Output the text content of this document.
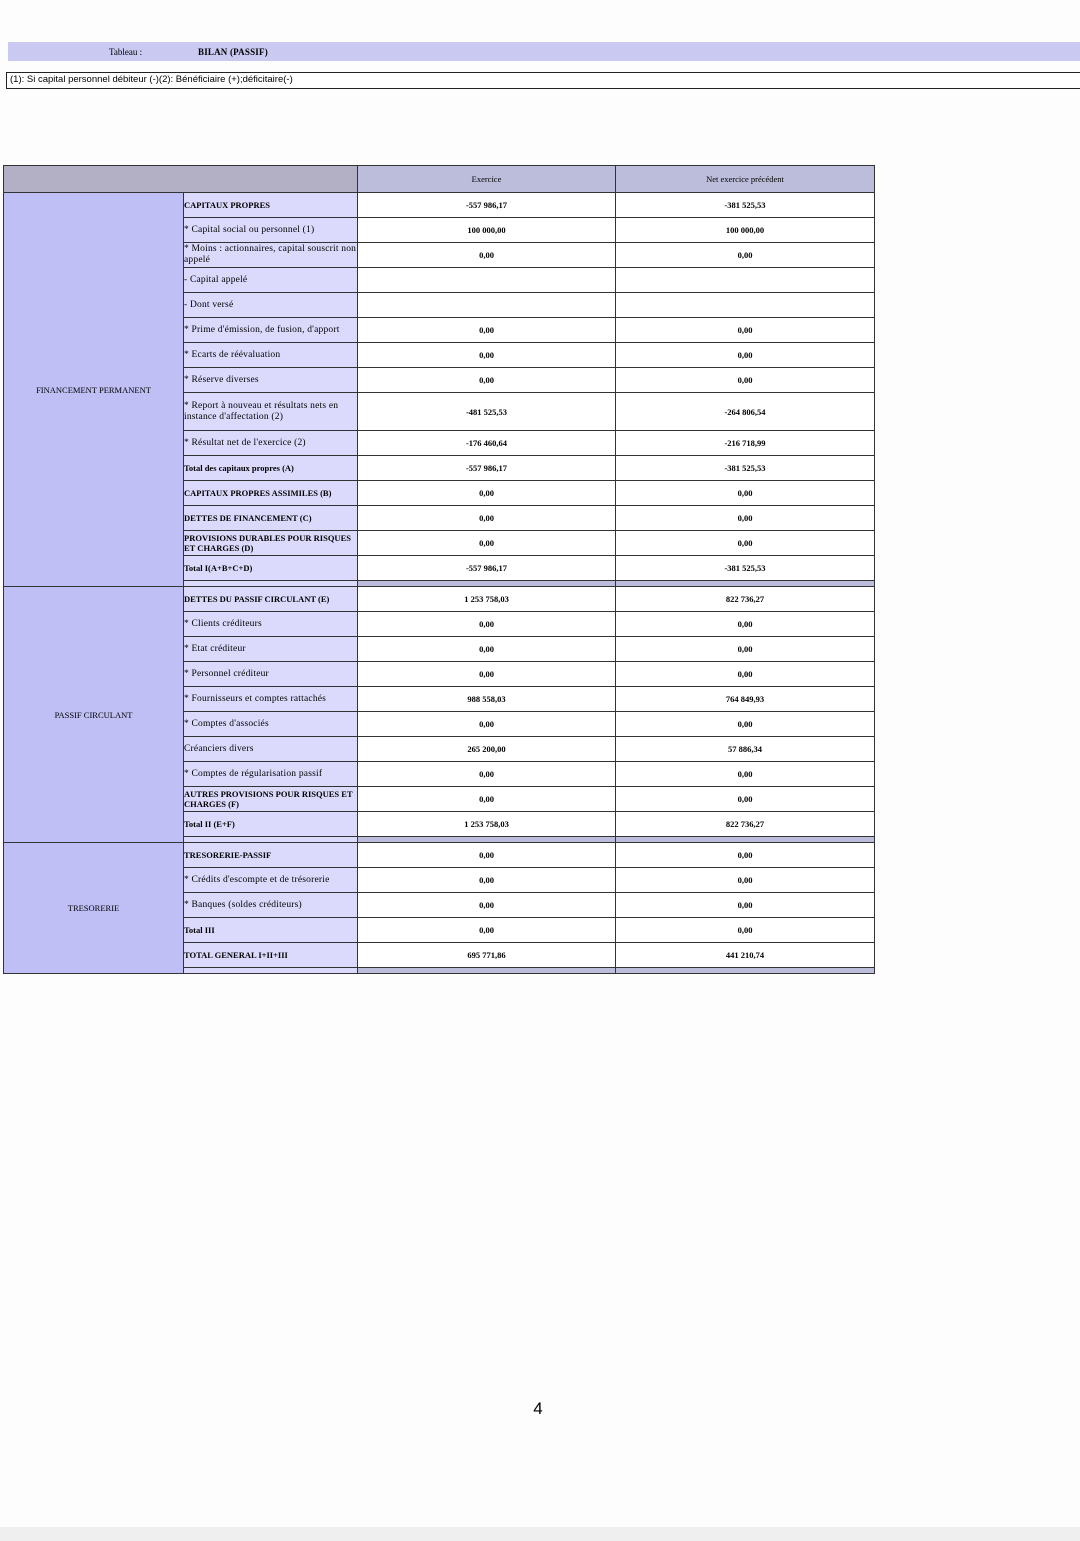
Tableau :	BILAN (PASSIF)
(1): Si capital personnel débiteur (-)(2): Bénéficiaire (+);déficitaire(-)
		Exercice	Net exercice précédent
FINANCEMENT PERMANENT	CAPITAUX PROPRES	-557 986,17	-381 525,53
	* Capital social ou personnel (1)	100 000,00	100 000,00
	* Moins : actionnaires, capital souscrit non appelé	0,00	0,00
	- Capital appelé		
	- Dont versé		
	* Prime d'émission, de fusion, d'apport	0,00	0,00
	* Ecarts de réévaluation	0,00	0,00
	* Réserve diverses	0,00	0,00
	* Report à nouveau et résultats nets en instance d'affectation (2)	-481 525,53	-264 806,54
	* Résultat net de l'exercice (2)	-176 460,64	-216 718,99
	Total des capitaux propres (A)	-557 986,17	-381 525,53
	CAPITAUX PROPRES ASSIMILES (B)	0,00	0,00
	DETTES DE FINANCEMENT (C)	0,00	0,00
	PROVISIONS DURABLES POUR RISQUES ET CHARGES (D)	0,00	0,00
	Total I(A+B+C+D)	-557 986,17	-381 525,53

PASSIF CIRCULANT	DETTES DU PASSIF CIRCULANT (E)	1 253 758,03	822 736,27
	* Clients créditeurs	0,00	0,00
	* Etat créditeur	0,00	0,00
	* Personnel créditeur	0,00	0,00
	* Fournisseurs et comptes rattachés	988 558,03	764 849,93
	* Comptes d'associés	0,00	0,00
	Créanciers divers	265 200,00	57 886,34
	* Comptes de régularisation passif	0,00	0,00
	AUTRES PROVISIONS POUR RISQUES ET CHARGES (F)	0,00	0,00
	Total II (E+F)	1 253 758,03	822 736,27

TRESORERIE	TRESORERIE-PASSIF	0,00	0,00
	* Crédits d'escompte et de trésorerie	0,00	0,00
	* Banques (soldes créditeurs)	0,00	0,00
	Total III	0,00	0,00
	TOTAL GENERAL I+II+III	695 771,86	441 210,74

4
